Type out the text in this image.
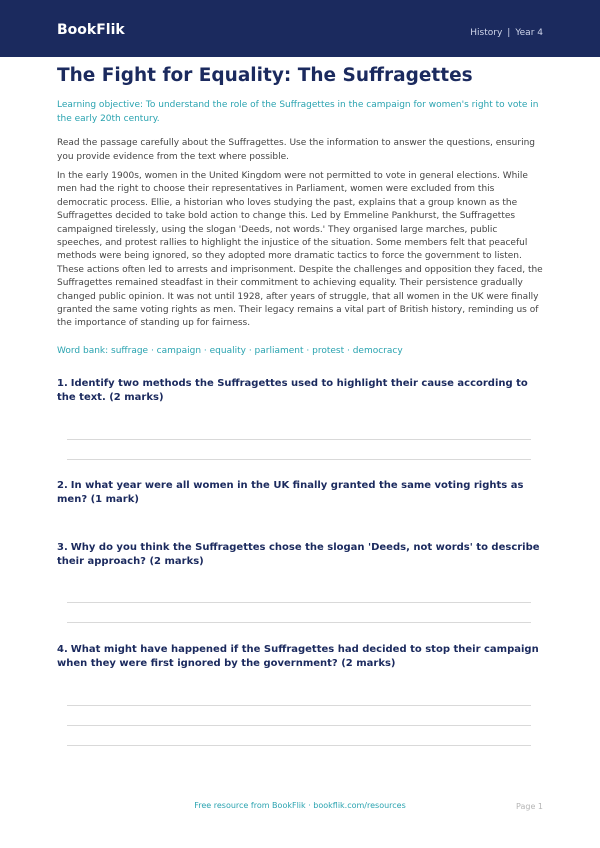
BookFlik	History | Year 4
The Fight for Equality: The Suffragettes
Learning objective: To understand the role of the Suffragettes in the campaign for women's right to vote in the early 20th century.
Read the passage carefully about the Suffragettes. Use the information to answer the questions, ensuring you provide evidence from the text where possible.
In the early 1900s, women in the United Kingdom were not permitted to vote in general elections. While men had the right to choose their representatives in Parliament, women were excluded from this democratic process. Ellie, a historian who loves studying the past, explains that a group known as the Suffragettes decided to take bold action to change this. Led by Emmeline Pankhurst, the Suffragettes campaigned tirelessly, using the slogan 'Deeds, not words.' They organised large marches, public speeches, and protest rallies to highlight the injustice of the situation. Some members felt that peaceful methods were being ignored, so they adopted more dramatic tactics to force the government to listen. These actions often led to arrests and imprisonment. Despite the challenges and opposition they faced, the Suffragettes remained steadfast in their commitment to achieving equality. Their persistence gradually changed public opinion. It was not until 1928, after years of struggle, that all women in the UK were finally granted the same voting rights as men. Their legacy remains a vital part of British history, reminding us of the importance of standing up for fairness.
Word bank: suffrage · campaign · equality · parliament · protest · democracy
1. Identify two methods the Suffragettes used to highlight their cause according to the text. (2 marks)
2. In what year were all women in the UK finally granted the same voting rights as men? (1 mark)
3. Why do you think the Suffragettes chose the slogan 'Deeds, not words' to describe their approach? (2 marks)
4. What might have happened if the Suffragettes had decided to stop their campaign when they were first ignored by the government? (2 marks)
Free resource from BookFlik · bookflik.com/resources	Page 1
